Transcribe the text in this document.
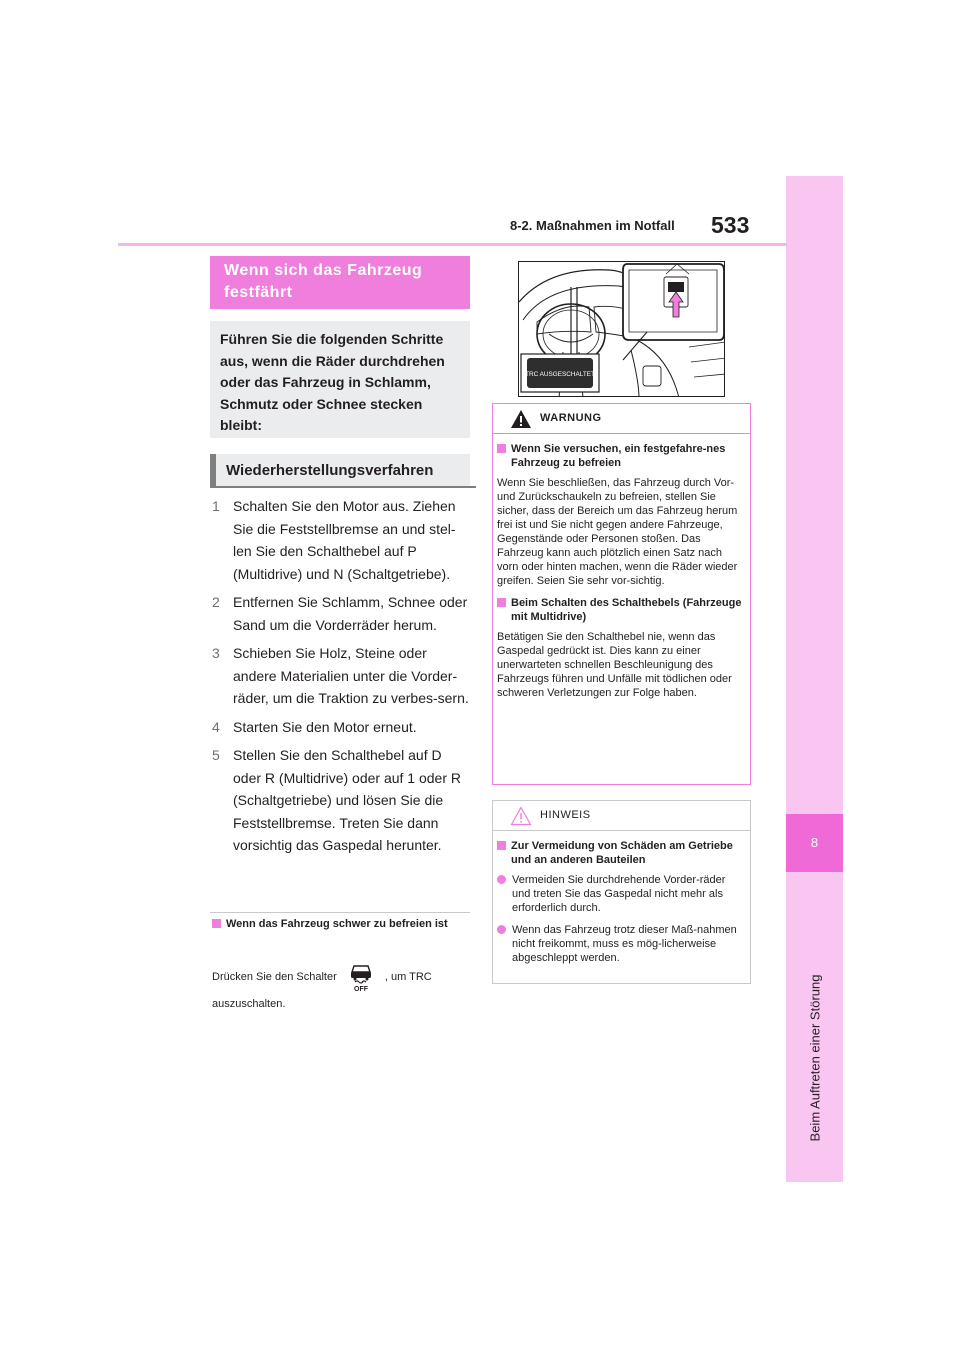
8
Beim Auftreten einer Störung
8-2. Maßnahmen im Notfall 533
Wenn sich das Fahrzeug festfährt
Führen Sie die folgenden Schritte aus, wenn die Räder durchdrehen oder das Fahrzeug in Schlamm, Schmutz oder Schnee stecken bleibt:
Wiederherstellungsverfahren
1 Schalten Sie den Motor aus. Ziehen Sie die Feststellbremse an und stel-len Sie den Schalthebel auf P (Multidrive) und N (Schaltgetriebe).
2 Entfernen Sie Schlamm, Schnee oder Sand um die Vorderräder herum.
3 Schieben Sie Holz, Steine oder andere Materialien unter die Vorder-räder, um die Traktion zu verbes-sern.
4 Starten Sie den Motor erneut.
5 Stellen Sie den Schalthebel auf D oder R (Multidrive) oder auf 1 oder R (Schaltgetriebe) und lösen Sie die Feststellbremse. Treten Sie dann vorsichtig das Gaspedal herunter.
Wenn das Fahrzeug schwer zu befreien ist
Drücken Sie den Schalter
OFF
, um TRC
auszuschalten.
TRC AUSGESCHALTET
WARNUNG
Wenn Sie versuchen, ein festgefahre-nes Fahrzeug zu befreien

Wenn Sie beschließen, das Fahrzeug durch Vor- und Zurückschaukeln zu befreien, stellen Sie sicher, dass der Bereich um das Fahrzeug herum frei ist und Sie nicht gegen andere Fahrzeuge, Gegenstände oder Personen stoßen. Das Fahrzeug kann auch plötzlich einen Satz nach vorn oder hinten machen, wenn die Räder wieder greifen. Seien Sie sehr vor-sichtig.

Beim Schalten des Schalthebels (Fahrzeuge mit Multidrive)

Betätigen Sie den Schalthebel nie, wenn das Gaspedal gedrückt ist. Dies kann zu einer unerwarteten schnellen Beschleunigung des Fahrzeugs führen und Unfälle mit tödlichen oder schweren Verletzungen zur Folge haben.

HINWEIS
Zur Vermeidung von Schäden am Getriebe und an anderen Bauteilen
Vermeiden Sie durchdrehende Vorder-räder und treten Sie das Gaspedal nicht mehr als erforderlich durch.
Wenn das Fahrzeug trotz dieser Maß-nahmen nicht freikommt, muss es mög-licherweise abgeschleppt werden.
